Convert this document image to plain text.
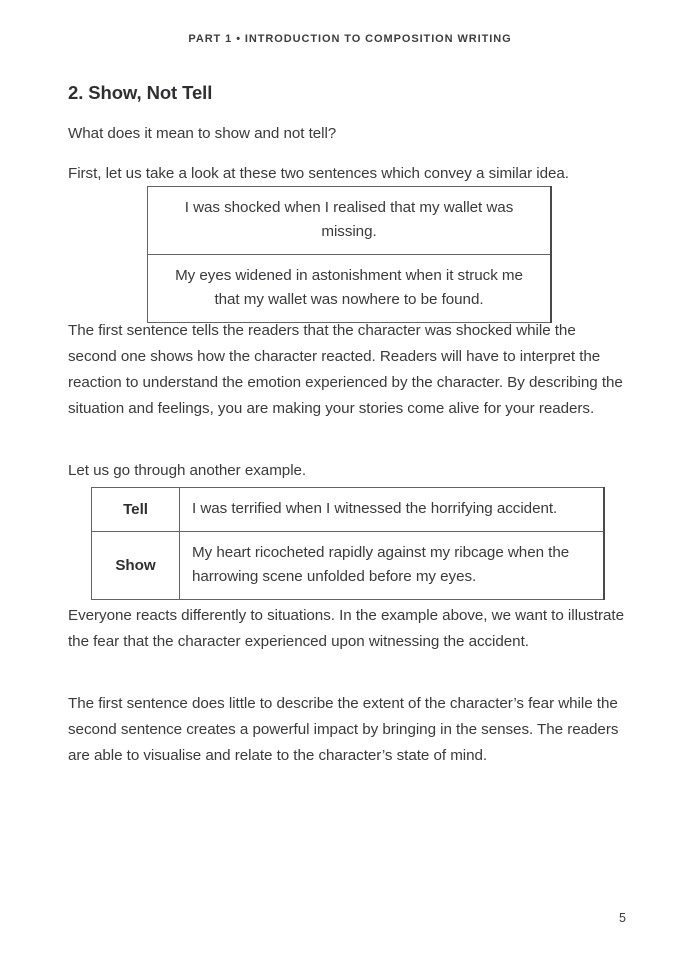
PART 1 • INTRODUCTION TO COMPOSITION WRITING
2. Show, Not Tell

What does it mean to show and not tell?

First, let us take a look at these two sentences which convey a similar idea.

I was shocked when I realised that my wallet was missing.
My eyes widened in astonishment when it struck me that my wallet was nowhere to be found.

The first sentence tells the readers that the character was shocked while the second one shows how the character reacted. Readers will have to interpret the reaction to understand the emotion experienced by the character. By describing the situation and feelings, you are making your stories come alive for your readers.

Let us go through another example.

Tell	I was terrified when I witnessed the horrifying accident.
Show	My heart ricocheted rapidly against my ribcage when the harrowing scene unfolded before my eyes.

Everyone reacts differently to situations. In the example above, we want to illustrate the fear that the character experienced upon witnessing the accident.

The first sentence does little to describe the extent of the character’s fear while the second sentence creates a powerful impact by bringing in the senses. The readers are able to visualise and relate to the character’s state of mind.

5
